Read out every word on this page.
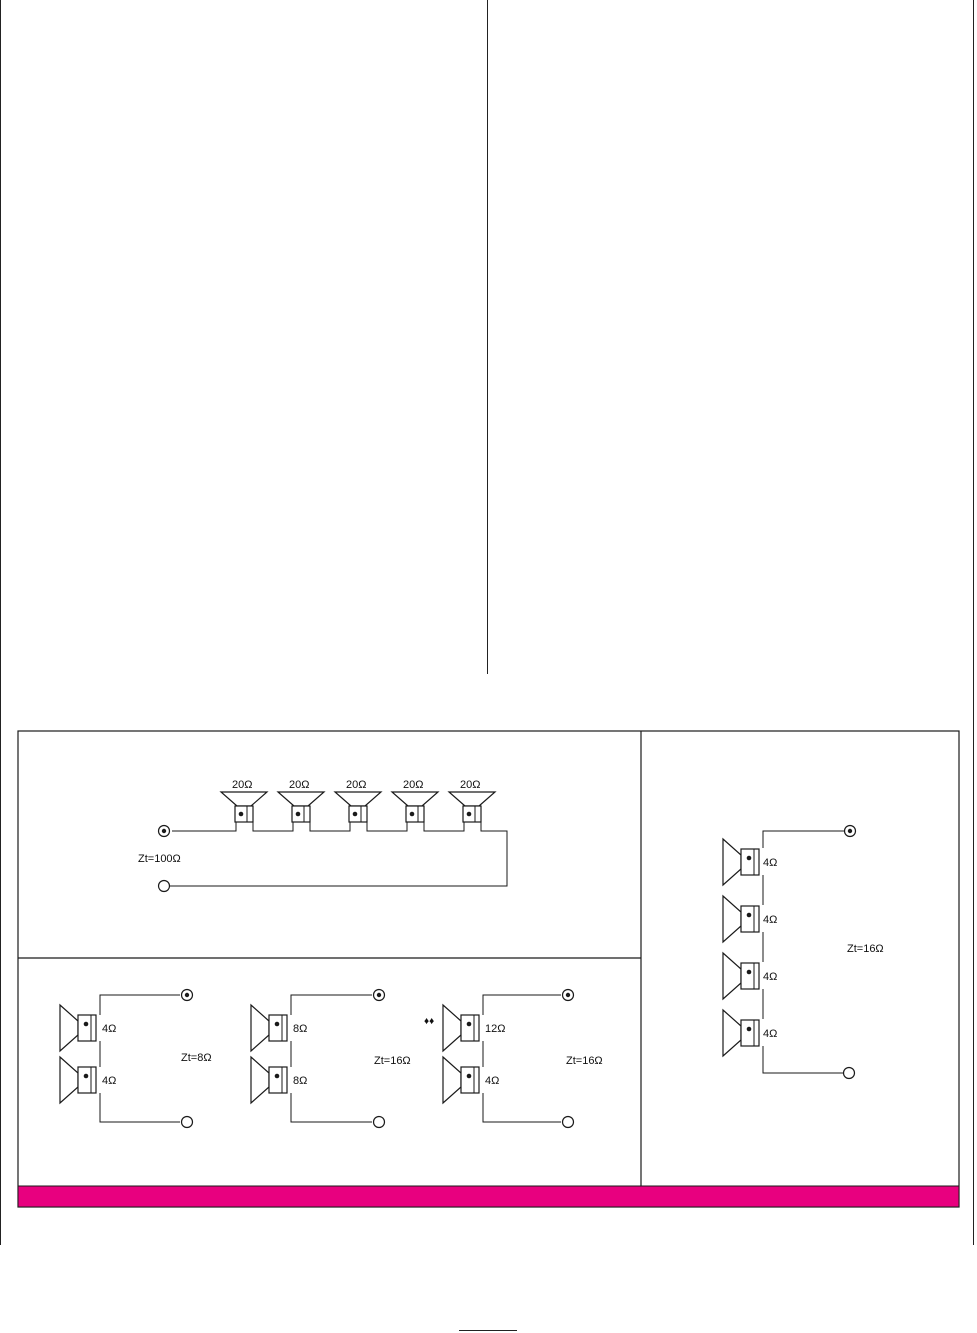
20Ω	20Ω	20Ω	20Ω	20Ω
Zt=100Ω	4Ω
4Ω
4Ω
4Ω
Zt=16Ω
4Ω
4Ω
Zt=8Ω
8Ω
8Ω
Zt=16Ω
12Ω
4Ω
Zt=16Ω
♦♦
